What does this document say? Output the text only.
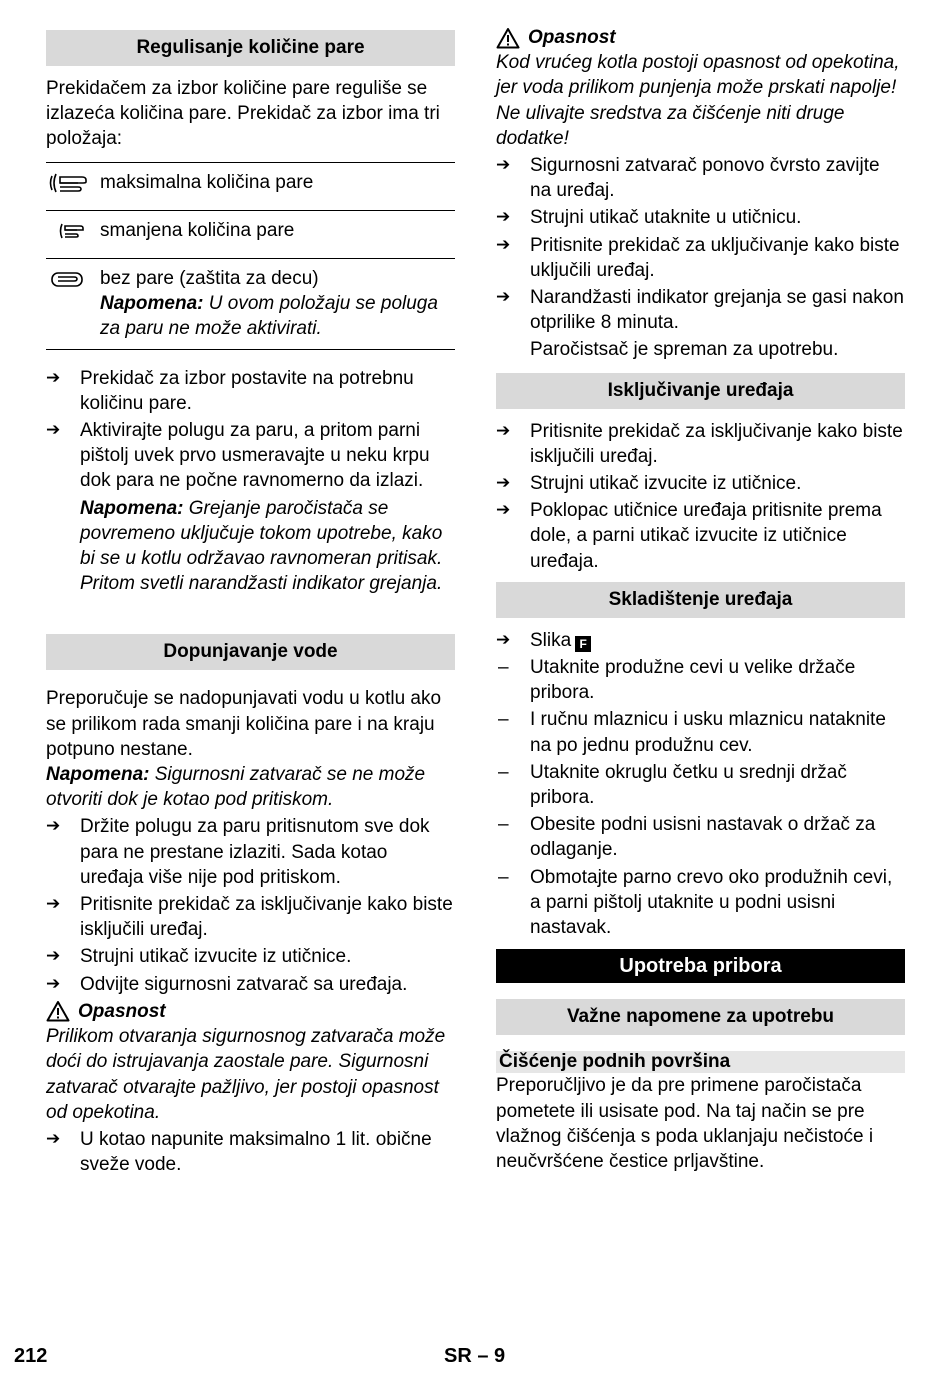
Regulisanje količine pare

Prekidačem za izbor količine pare reguliše se izlazeća količina pare. Prekidač za izbor ima tri položaja:

	maksimalna količina pare
	smanjena količina pare

bez pare (zaštita za decu)
Napomena: U ovom položaju se poluga za paru ne može aktivirati.
➔ Prekidač za izbor postavite na potrebnu količinu pare.
➔ Aktivirajte polugu za paru, a pritom parni pištolj uvek prvo usmeravajte u neku krpu dok para ne počne ravnomerno da izlazi.
Napomena: Grejanje paročistača se povremeno uključuje tokom upotrebe, kako bi se u kotlu održavao ravnomeran pritisak. Pritom svetli narandžasti indikator grejanja.
Dopunjavanje vode

Preporučuje se nadopunjavati vodu u kotlu ako se prilikom rada smanji količina pare i na kraju potpuno nestane.

Napomena: Sigurnosni zatvarač se ne može otvoriti dok je kotao pod pritiskom.

➔ Držite polugu za paru pritisnutom sve dok para ne prestane izlaziti. Sada kotao uređaja više nije pod pritiskom.
➔ Pritisnite prekidač za isključivanje kako biste isključili uređaj.
➔ Strujni utikač izvucite iz utičnice.
➔ Odvijte sigurnosni zatvarač sa uređaja.
Opasnost

Prilikom otvaranja sigurnosnog zatvarača može doći do istrujavanja zaostale pare. Sigurnosni zatvarač otvarajte pažljivo, jer postoji opasnost od opekotina.

➔ U kotao napunite maksimalno 1 lit. obične sveže vode.
Opasnost

Kod vrućeg kotla postoji opasnost od opekotina, jer voda prilikom punjenja može prskati napolje! Ne ulivajte sredstva za čišćenje niti druge dodatke!

➔ Sigurnosni zatvarač ponovo čvrsto zavijte na uređaj.
➔ Strujni utikač utaknite u utičnicu.
➔ Pritisnite prekidač za uključivanje kako biste uključili uređaj.
➔ Narandžasti indikator grejanja se gasi nakon otprilike 8 minuta.
Paročistsač je spreman za upotrebu.
Isključivanje uređaja
➔ Pritisnite prekidač za isključivanje kako biste isključili uređaj.
➔ Strujni utikač izvucite iz utičnice.
➔ Poklopac utičnice uređaja pritisnite prema dole, a parni utikač izvucite iz utičnice uređaja.
Skladištenje uređaja
➔ Slika F
– Utaknite produžne cevi u velike držače pribora.
– I ručnu mlaznicu i usku mlaznicu nataknite na po jednu produžnu cev.
– Utaknite okruglu četku u srednji držač pribora.
– Obesite podni usisni nastavak o držač za odlaganje.
– Obmotajte parno crevo oko produžnih cevi, a parni pištolj utaknite u podni usisni nastavak.
Upotreba pribora
Važne napomene za upotrebu
Čišćenje podnih površina

Preporučljivo je da pre primene paročistača pometete ili usisate pod. Na taj način se pre vlažnog čišćenja s poda uklanjaju nečistoće i neučvršćene čestice prljavštine.

212	SR – 9
